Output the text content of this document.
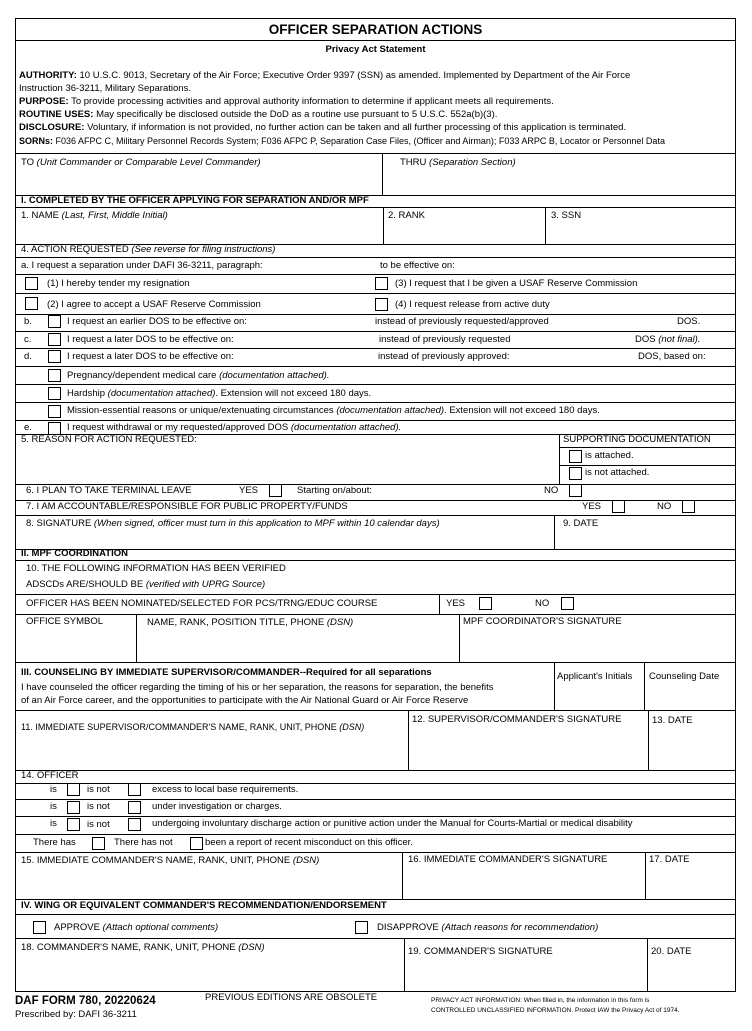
OFFICER SEPARATION ACTIONS
Privacy Act Statement
AUTHORITY: 10 U.S.C. 9013, Secretary of the Air Force; Executive Order 9397 (SSN) as amended. Implemented by Department of the Air Force
Instruction 36-3211, Military Separations.
PURPOSE: To provide processing activities and approval authority information to determine if applicant meets all requirements.
ROUTINE USES: May specifically be disclosed outside the DoD as a routine use pursuant to 5 U.S.C. 552a(b)(3).
DISCLOSURE: Voluntary, if information is not provided, no further action can be taken and all further processing of this application is terminated.
SORNs: F036 AFPC C, Military Personnel Records System; F036 AFPC P, Separation Case Files, (Officer and Airman); F033 ARPC B, Locator or Personnel Data
TO (Unit Commander or Comparable Level Commander)	THRU (Separation Section)
I. COMPLETED BY THE OFFICER APPLYING FOR SEPARATION AND/OR MPF
1. NAME (Last, First, Middle Initial)	2. RANK	3. SSN
4. ACTION REQUESTED (See reverse for filing instructions)
a. I request a separation under DAFI 36-3211, paragraph:	to be effective on:
(1) I hereby tender my resignation	(3) I request that I be given a USAF Reserve Commission
(2) I agree to accept a USAF Reserve Commission	(4) I request release from active duty
b.	I request an earlier DOS to be effective on:	instead of previously requested/approved	DOS.
c.	I request a later DOS to be effective on:	instead of previously requested	DOS (not final).
d.	I request a later DOS to be effective on:	instead of previously approved:	DOS, based on:
Pregnancy/dependent medical care (documentation attached).
Hardship (documentation attached). Extension will not exceed 180 days.
Mission-essential reasons or unique/extenuating circumstances (documentation attached). Extension will not exceed 180 days.
e.	I request withdrawal or my requested/approved DOS (documentation attached).
5. REASON FOR ACTION REQUESTED:	SUPPORTING DOCUMENTATION
is attached.
is not attached.
6. I PLAN TO TAKE TERMINAL LEAVE	YES	Starting on/about:	NO
7. I AM ACCOUNTABLE/RESPONSIBLE FOR PUBLIC PROPERTY/FUNDS	YES	NO
8. SIGNATURE (When signed, officer must turn in this application to MPF within 10 calendar days)	9. DATE
II. MPF COORDINATION
10. THE FOLLOWING INFORMATION HAS BEEN VERIFIED
ADSCDs ARE/SHOULD BE (verified with UPRG Source)
OFFICER HAS BEEN NOMINATED/SELECTED FOR PCS/TRNG/EDUC COURSE	YES	NO
OFFICE SYMBOL	NAME, RANK, POSITION TITLE, PHONE (DSN)	MPF COORDINATOR'S SIGNATURE
III. COUNSELING BY IMMEDIATE SUPERVISOR/COMMANDER--Required for all separations
I have counseled the officer regarding the timing of his or her separation, the reasons for separation, the benefits
of an Air Force career, and the opportunities to participate with the Air National Guard or Air Force Reserve
Applicant's Initials Counseling Date
11. IMMEDIATE SUPERVISOR/COMMANDER'S NAME, RANK, UNIT, PHONE (DSN)
12. SUPERVISOR/COMMANDER'S SIGNATURE	13. DATE
14. OFFICER
is	is not	excess to local base requirements.
is	is not	under investigation or charges.
is	is not	undergoing involuntary discharge action or punitive action under the Manual for Courts-Martial or medical disability
There has	There has not	been a report of recent misconduct on this officer.
15. IMMEDIATE COMMANDER'S NAME, RANK, UNIT, PHONE (DSN)	16. IMMEDIATE COMMANDER'S SIGNATURE	17. DATE
IV. WING OR EQUIVALENT COMMANDER'S RECOMMENDATION/ENDORSEMENT
APPROVE (Attach optional comments)	DISAPPROVE (Attach reasons for recommendation)
18. COMMANDER'S NAME, RANK, UNIT, PHONE (DSN)	19. COMMANDER'S SIGNATURE	20. DATE
DAF FORM 780, 20220624	PREVIOUS EDITIONS ARE OBSOLETE
Prescribed by: DAFI 36-3211
PRIVACY ACT INFORMATION: When filled in, the information in this form is
CONTROLLED UNCLASSIFIED INFORMATION. Protect IAW the Privacy Act of 1974.
